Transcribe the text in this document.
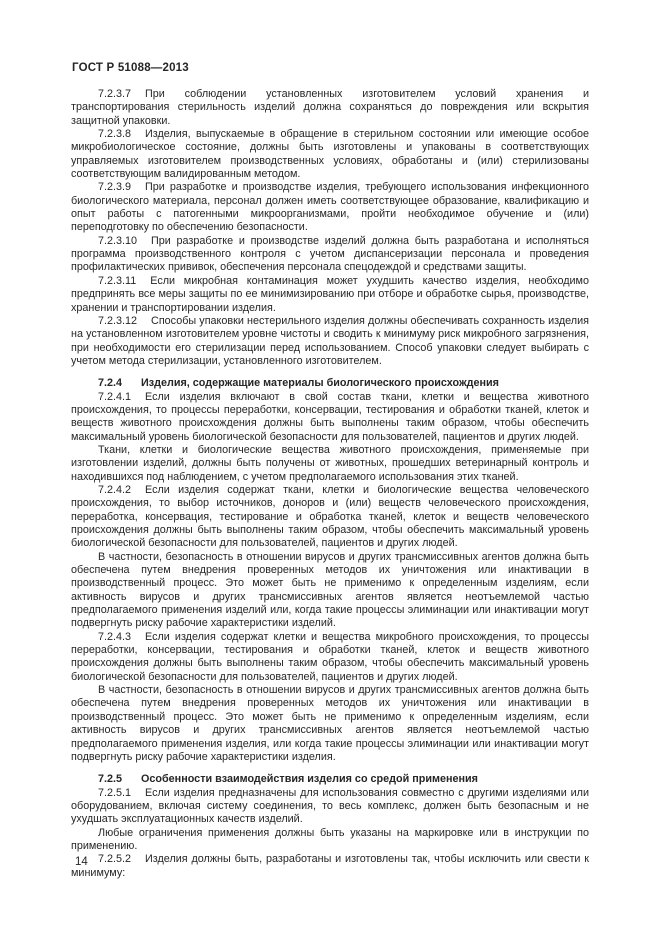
ГОСТ Р 51088—2013

7.2.3.7 При соблюдении установленных изготовителем условий хранения и транспортирования стерильность изделий должна сохраняться до повреждения или вскрытия защитной упаковки.

7.2.3.8 Изделия, выпускаемые в обращение в стерильном состоянии или имеющие особое микробиологическое состояние, должны быть изготовлены и упакованы в соответствующих управляемых изготовителем производственных условиях, обработаны и (или) стерилизованы соответствующим валидированным методом.

7.2.3.9 При разработке и производстве изделия, требующего использования инфекционного биологического материала, персонал должен иметь соответствующее образование, квалификацию и опыт работы с патогенными микроорганизмами, пройти необходимое обучение и (или) переподготовку по обеспечению безопасности.

7.2.3.10 При разработке и производстве изделий должна быть разработана и исполняться программа производственного контроля с учетом диспансеризации персонала и проведения профилактических прививок, обеспечения персонала спецодеждой и средствами защиты.

7.2.3.11 Если микробная контаминация может ухудшить качество изделия, необходимо предпринять все меры защиты по ее минимизированию при отборе и обработке сырья, производстве, хранении и транспортировании изделия.

7.2.3.12 Способы упаковки нестерильного изделия должны обеспечивать сохранность изделия на установленном изготовителем уровне чистоты и сводить к минимуму риск микробного загрязнения, при необходимости его стерилизации перед использованием. Способ упаковки следует выбирать с учетом метода стерилизации, установленного изготовителем.

7.2.4 Изделия, содержащие материалы биологического происхождения

7.2.4.1 Если изделия включают в свой состав ткани, клетки и вещества животного происхождения, то процессы переработки, консервации, тестирования и обработки тканей, клеток и веществ животного происхождения должны быть выполнены таким образом, чтобы обеспечить максимальный уровень биологической безопасности для пользователей, пациентов и других людей.

Ткани, клетки и биологические вещества животного происхождения, применяемые при изготовлении изделий, должны быть получены от животных, прошедших ветеринарный контроль и находившихся под наблюдением, с учетом предполагаемого использования этих тканей.

7.2.4.2 Если изделия содержат ткани, клетки и биологические вещества человеческого происхождения, то выбор источников, доноров и (или) веществ человеческого происхождения, переработка, консервация, тестирование и обработка тканей, клеток и веществ человеческого происхождения должны быть выполнены таким образом, чтобы обеспечить максимальный уровень биологической безопасности для пользователей, пациентов и других людей.

В частности, безопасность в отношении вирусов и других трансмиссивных агентов должна быть обеспечена путем внедрения проверенных методов их уничтожения или инактивации в производственный процесс. Это может быть не применимо к определенным изделиям, если активность вирусов и других трансмиссивных агентов является неотъемлемой частью предполагаемого применения изделий или, когда такие процессы элиминации или инактивации могут подвергнуть риску рабочие характеристики изделий.

7.2.4.3 Если изделия содержат клетки и вещества микробного происхождения, то процессы переработки, консервации, тестирования и обработки тканей, клеток и веществ животного происхождения должны быть выполнены таким образом, чтобы обеспечить максимальный уровень биологической безопасности для пользователей, пациентов и других людей.

В частности, безопасность в отношении вирусов и других трансмиссивных агентов должна быть обеспечена путем внедрения проверенных методов их уничтожения или инактивации в производственный процесс. Это может быть не применимо к определенным изделиям, если активность вирусов и других трансмиссивных агентов является неотъемлемой частью предполагаемого применения изделия, или когда такие процессы элиминации или инактивации могут подвергнуть риску рабочие характеристики изделия.

7.2.5 Особенности взаимодействия изделия со средой применения

7.2.5.1 Если изделия предназначены для использования совместно с другими изделиями или оборудованием, включая систему соединения, то весь комплекс, должен быть безопасным и не ухудшать эксплуатационных качеств изделий.

Любые ограничения применения должны быть указаны на маркировке или в инструкции по применению.

7.2.5.2 Изделия должны быть, разработаны и изготовлены так, чтобы исключить или свести к минимуму:

14
